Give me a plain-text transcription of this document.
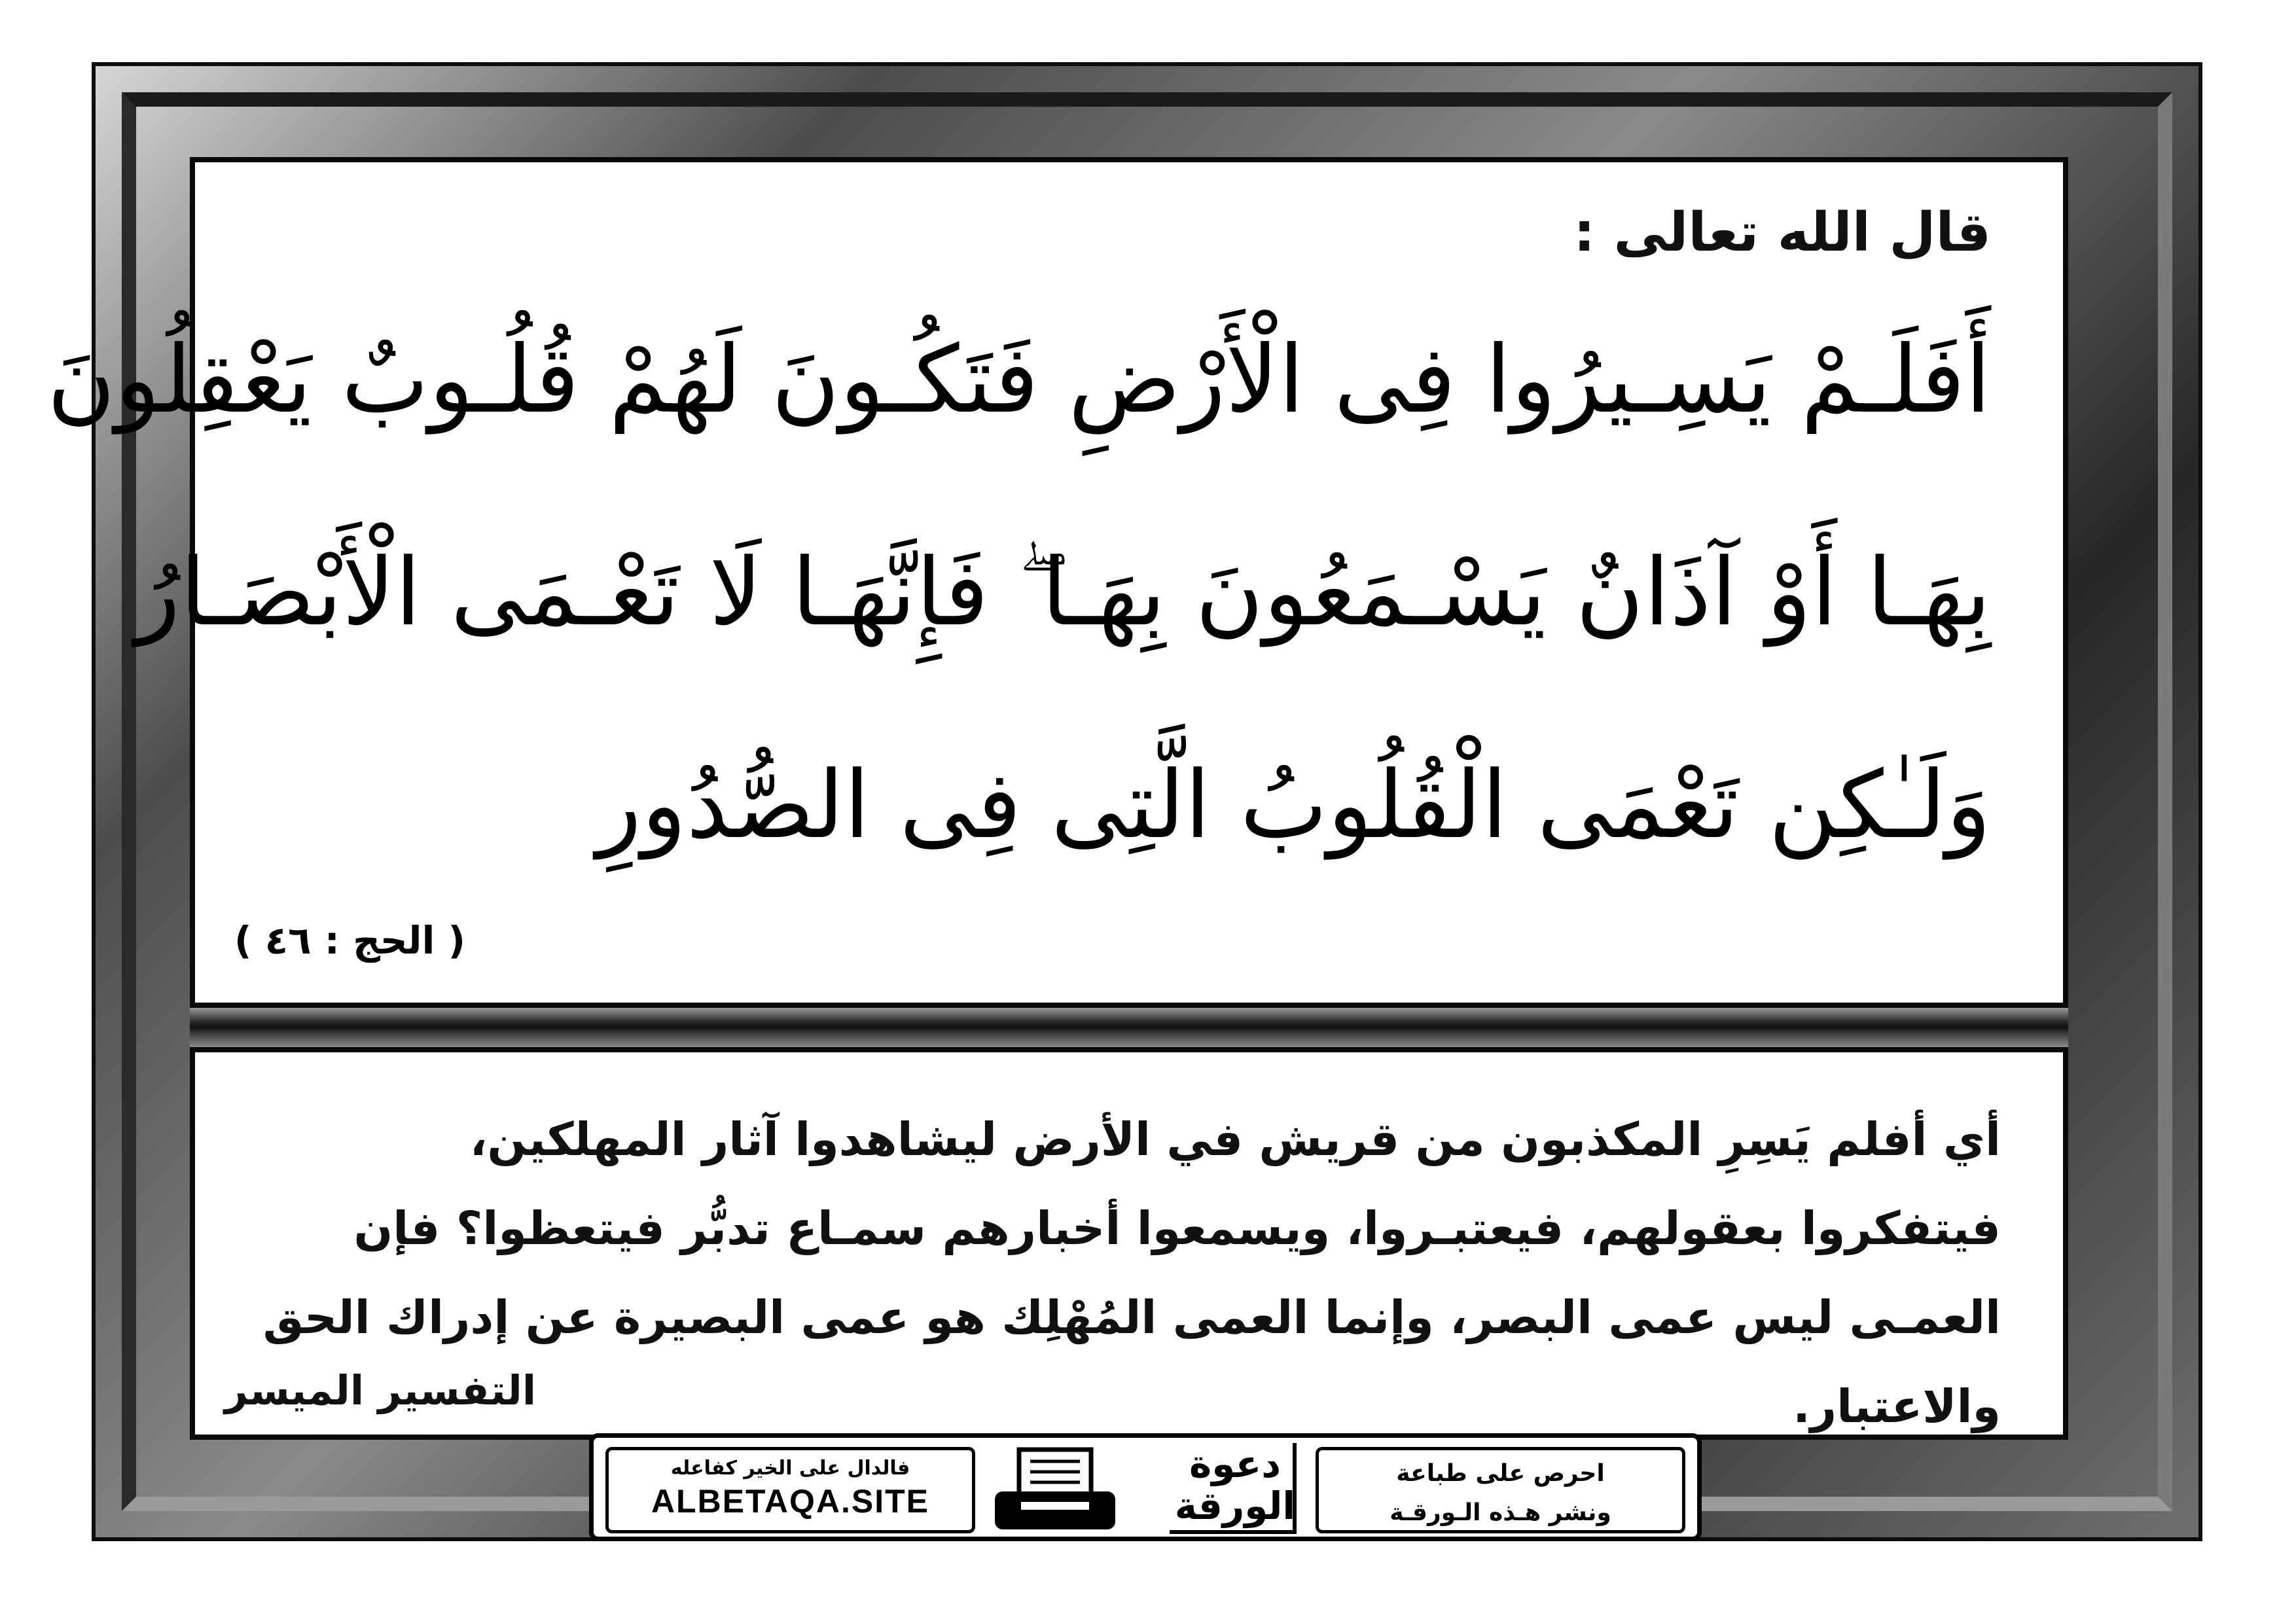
قال الله تعالى :
أَفَلَـمْ يَسِـيرُوا فِى الْأَرْضِ فَتَكُـونَ لَهُمْ قُلُـوبٌ يَعْقِلُونَ
بِهَـا أَوْ آذَانٌ يَسْـمَعُونَ بِهَـا ۖ فَإِنَّهَـا لَا تَعْـمَى الْأَبْصَـارُ
وَلَـٰكِن تَعْمَى الْقُلُوبُ الَّتِى فِى الصُّدُورِ
( الحج : ٤٦ )
أي أفلم يَسِرِ المكذبون من قريش في الأرض ليشاهدوا آثار المهلكين، فيتفكروا بعقولهم، فيعتبـروا، ويسمعوا أخبارهم سمـاع تدبُّر فيتعظوا؟ فإن العمـى ليس عمى البصر، وإنما العمى المُهْلِك هو عمى البصيرة عن إدراك الحق والاعتبار.
التفسير الميسر
فالدال على الخير كفاعله
ALBETAQA.SITE
دعوة
الورقة
احرص على طباعة
ونشر هـذه الـورقـة
